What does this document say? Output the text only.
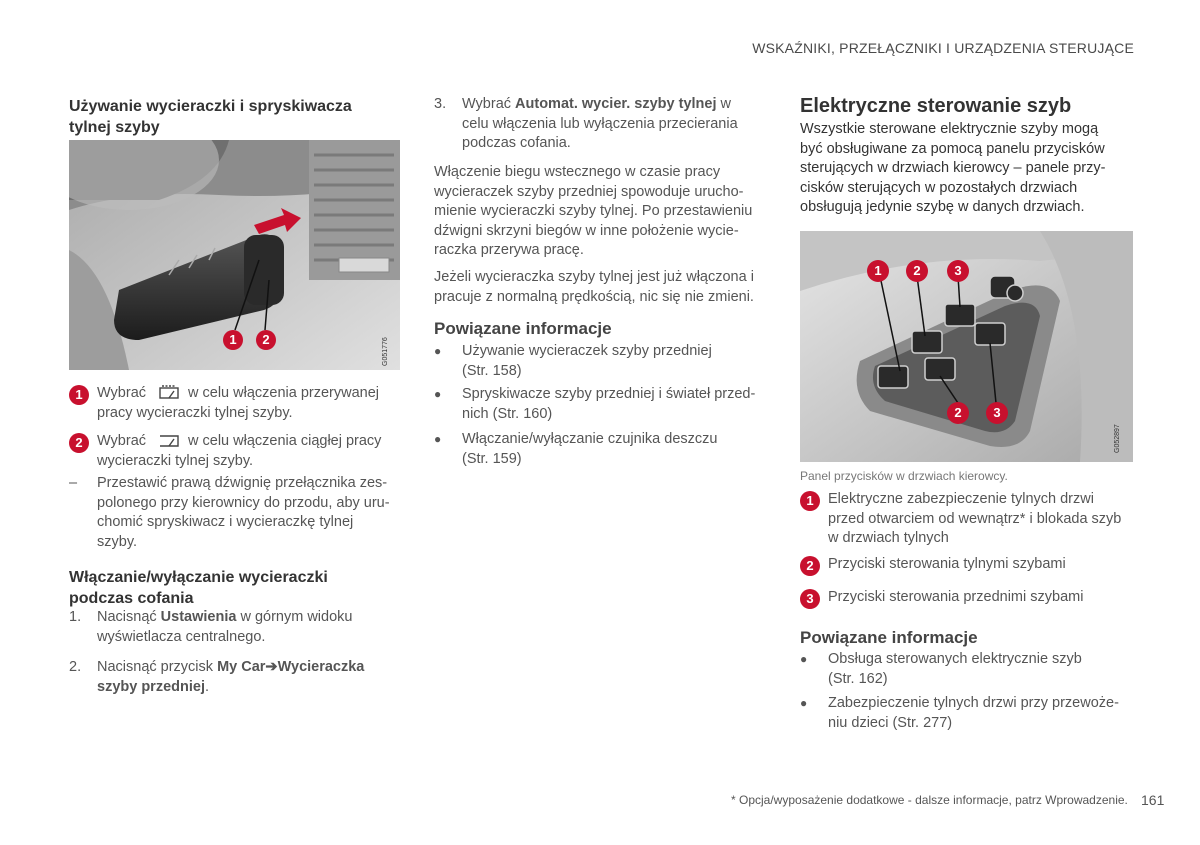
WSKAŹNIKI, PRZEŁĄCZNIKI I URZĄDZENIA STERUJĄCE
Używanie wycieraczki i spryskiwacza
tylnej szyby
1	2	G051776
1 Wybrać	w celu włączenia przerywanej

pracy wycieraczki tylnej szyby.

2 Wybrać	w celu włączenia ciągłej pracy

wycieraczki tylnej szyby.

– Przestawić prawą dźwignię przełącznika zes-

polonego przy kierownicy do przodu, aby uru-

chomić spryskiwacz i wycieraczkę tylnej

szyby.

Włączanie/wyłączanie wycieraczki
podczas cofania
1. Nacisnąć Ustawienia w górnym widoku

wyświetlacza centralnego.

2. Nacisnąć przycisk My Car➔Wycieraczka

szyby przedniej.

3. Wybrać Automat. wycier. szyby tylnej w

celu włączenia lub wyłączenia przecierania

podczas cofania.

Włączenie biegu wstecznego w czasie pracy

wycieraczek szyby przedniej spowoduje urucho-

mienie wycieraczki szyby tylnej. Po przestawieniu

dźwigni skrzyni biegów w inne położenie wycie-

raczka przerywa pracę.

Jeżeli wycieraczka szyby tylnej jest już włączona i

pracuje z normalną prędkością, nic się nie zmieni.

Powiązane informacje
● Używanie wycieraczek szyby przedniej

(Str. 158)

● Spryskiwacze szyby przedniej i świateł przed-

nich (Str. 160)

● Włączanie/wyłączanie czujnika deszczu

(Str. 159)

Elektryczne sterowanie szyb

Wszystkie sterowane elektrycznie szyby mogą

być obsługiwane za pomocą panelu przycisków

sterujących w drzwiach kierowcy – panele przy-

cisków sterujących w pozostałych drzwiach

obsługują jedynie szybę w danych drzwiach.

1	2	3
2	3
G052897
Panel przycisków w drzwiach kierowcy.
1 Elektryczne zabezpieczenie tylnych drzwi

przed otwarciem od wewnątrz* i blokada szyb

w drzwiach tylnych

2 Przyciski sterowania tylnymi szybami

3 Przyciski sterowania przednimi szybami

Powiązane informacje
● Obsługa sterowanych elektrycznie szyb

(Str. 162)

● Zabezpieczenie tylnych drzwi przy przewoże-

niu dzieci (Str. 277)

* Opcja/wyposażenie dodatkowe - dalsze informacje, patrz Wprowadzenie. 161
